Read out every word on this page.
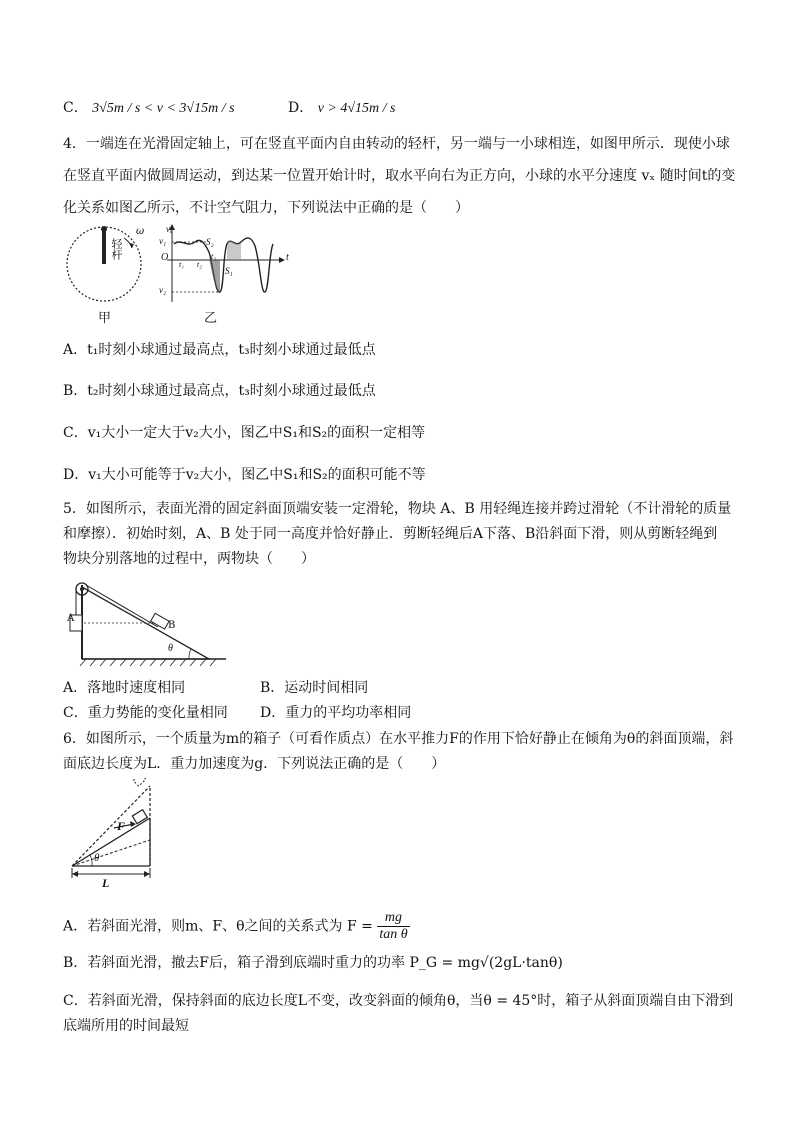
C． 3√5m / s < v < 3√15m / s	D． v > 4√15m / s
4．一端连在光滑固定轴上，可在竖直平面内自由转动的轻杆，另一端与一小球相连，如图甲所示．现使小球
在竖直平面内做圆周运动，到达某一位置开始计时，取水平向右为正方向，小球的水平分速度 vₓ 随时间t的变
化关系如图乙所示，不计空气阻力，下列说法中正确的是（　　）
轻杆
ω
甲
vₓ
t
v₁
v₂
O
t₁ t₂
t₃
S₁
S₂
乙
A．t₁时刻小球通过最高点，t₃时刻小球通过最低点
B．t₂时刻小球通过最高点，t₃时刻小球通过最低点
C．v₁大小一定大于v₂大小，图乙中S₁和S₂的面积一定相等
D．v₁大小可能等于v₂大小，图乙中S₁和S₂的面积可能不等
5．如图所示，表面光滑的固定斜面顶端安装一定滑轮，物块 A、B 用轻绳连接并跨过滑轮（不计滑轮的质量
和摩擦）．初始时刻，A、B 处于同一高度并恰好静止．剪断轻绳后A下落、B沿斜面下滑，则从剪断轻绳到
物块分别落地的过程中，两物块（　　）
A
B
θ
A．落地时速度相同	B．运动时间相同
C．重力势能的变化量相同 D．重力的平均功率相同
6．如图所示，一个质量为m的箱子（可看作质点）在水平推力F的作用下恰好静止在倾角为θ的斜面顶端，斜
面底边长度为L．重力加速度为g．下列说法正确的是（　　）
F
θ
L
A．若斜面光滑，则m、F、θ之间的关系式为 $F = \frac{mg}{\text{tan θ}}$
B．若斜面光滑，撤去F后，箱子滑到底端时重力的功率 P_G = mg√(2gL·tanθ)
C．若斜面光滑，保持斜面的底边长度L不变，改变斜面的倾角θ，当θ = 45°时，箱子从斜面顶端自由下滑到
底端所用的时间最短
